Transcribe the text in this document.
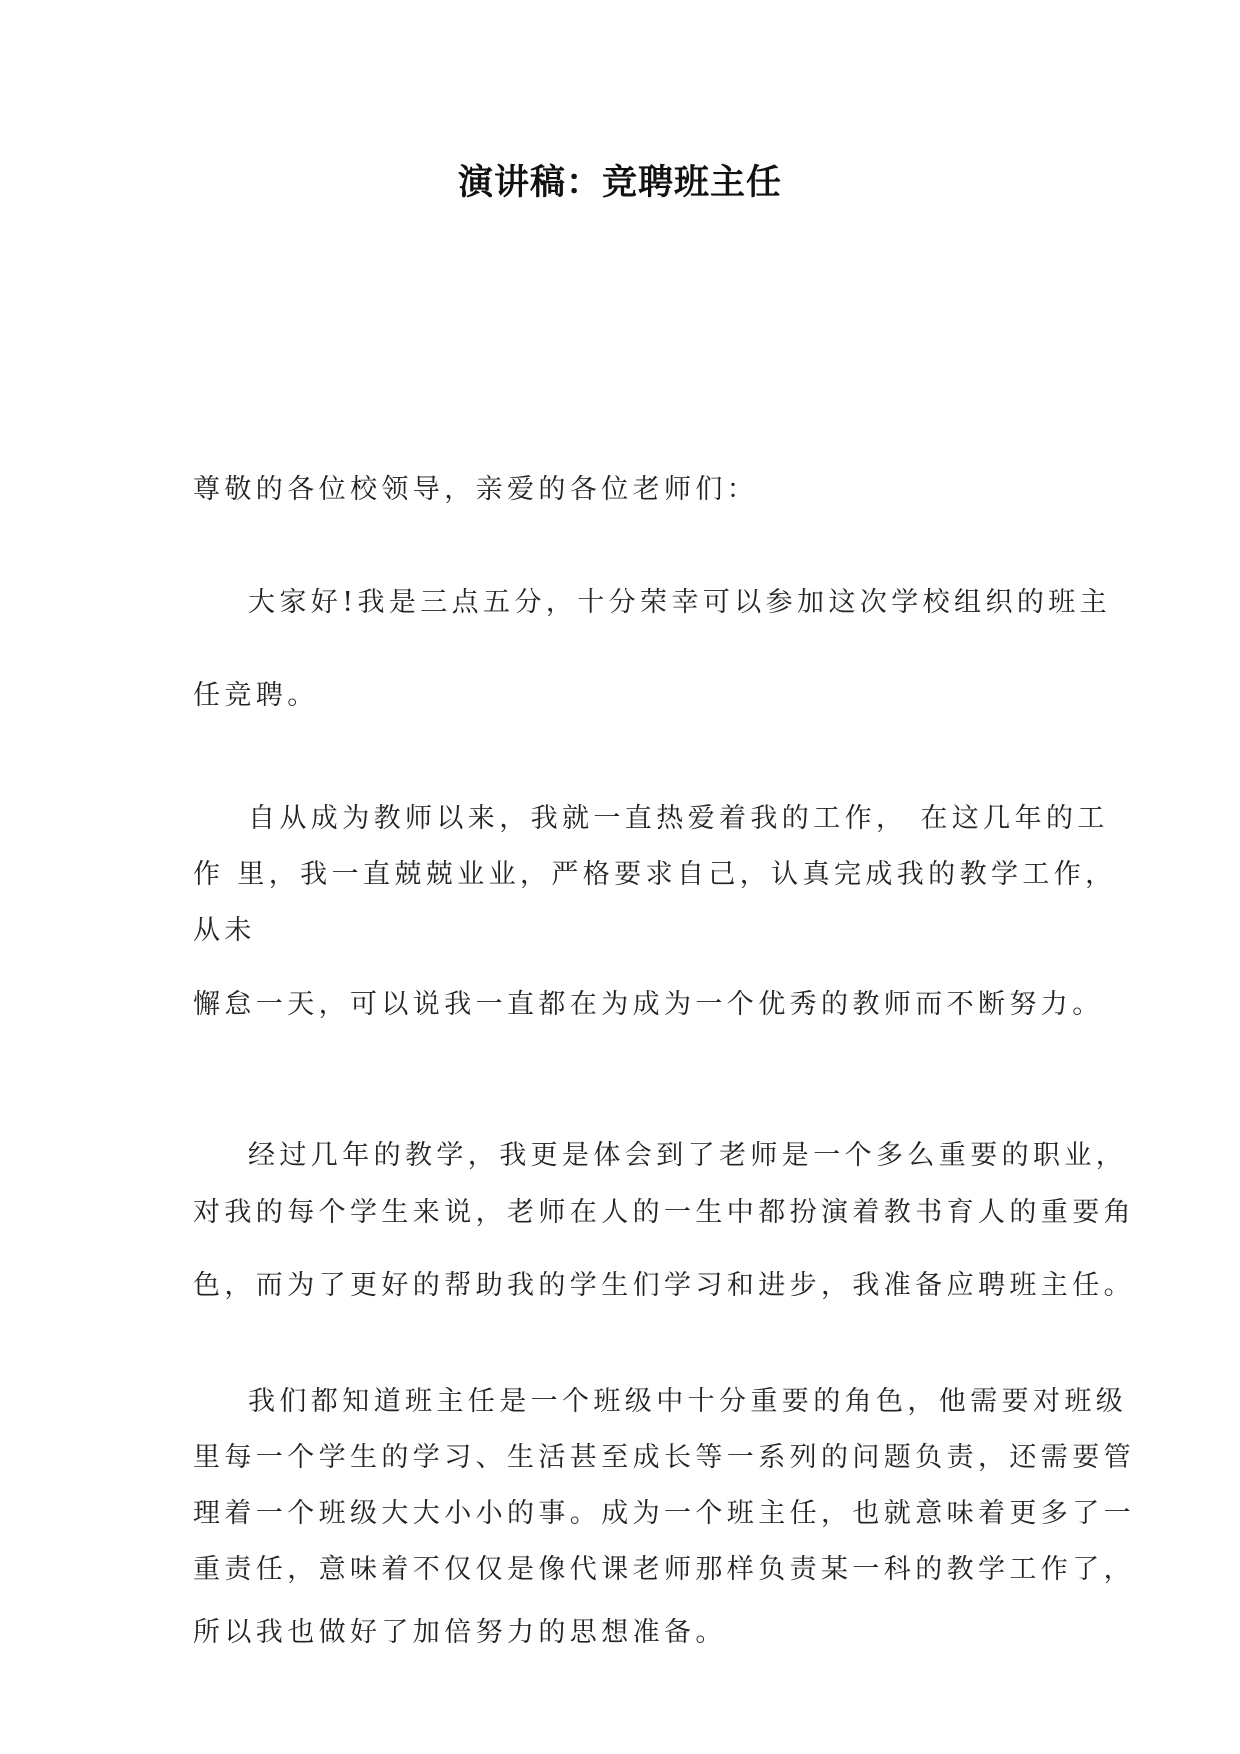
演讲稿：竞聘班主任
尊敬的各位校领导，亲爱的各位老师们：
大家好!我是三点五分，十分荣幸可以参加这次学校组织的班主
任竞聘。
自从成为教师以来，我就一直热爱着我的工作， 在这几年的工
作 里，我一直兢兢业业，严格要求自己，认真完成我的教学工作，
从未
懈怠一天，可以说我一直都在为成为一个优秀的教师而不断努力。
经过几年的教学，我更是体会到了老师是一个多么重要的职业，
对我的每个学生来说，老师在人的一生中都扮演着教书育人的重要角
色，而为了更好的帮助我的学生们学习和进步，我准备应聘班主任。
我们都知道班主任是一个班级中十分重要的角色，他需要对班级
里每一个学生的学习、生活甚至成长等一系列的问题负责，还需要管
理着一个班级大大小小的事。成为一个班主任，也就意味着更多了一
重责任，意味着不仅仅是像代课老师那样负责某一科的教学工作了，
所以我也做好了加倍努力的思想准备。
